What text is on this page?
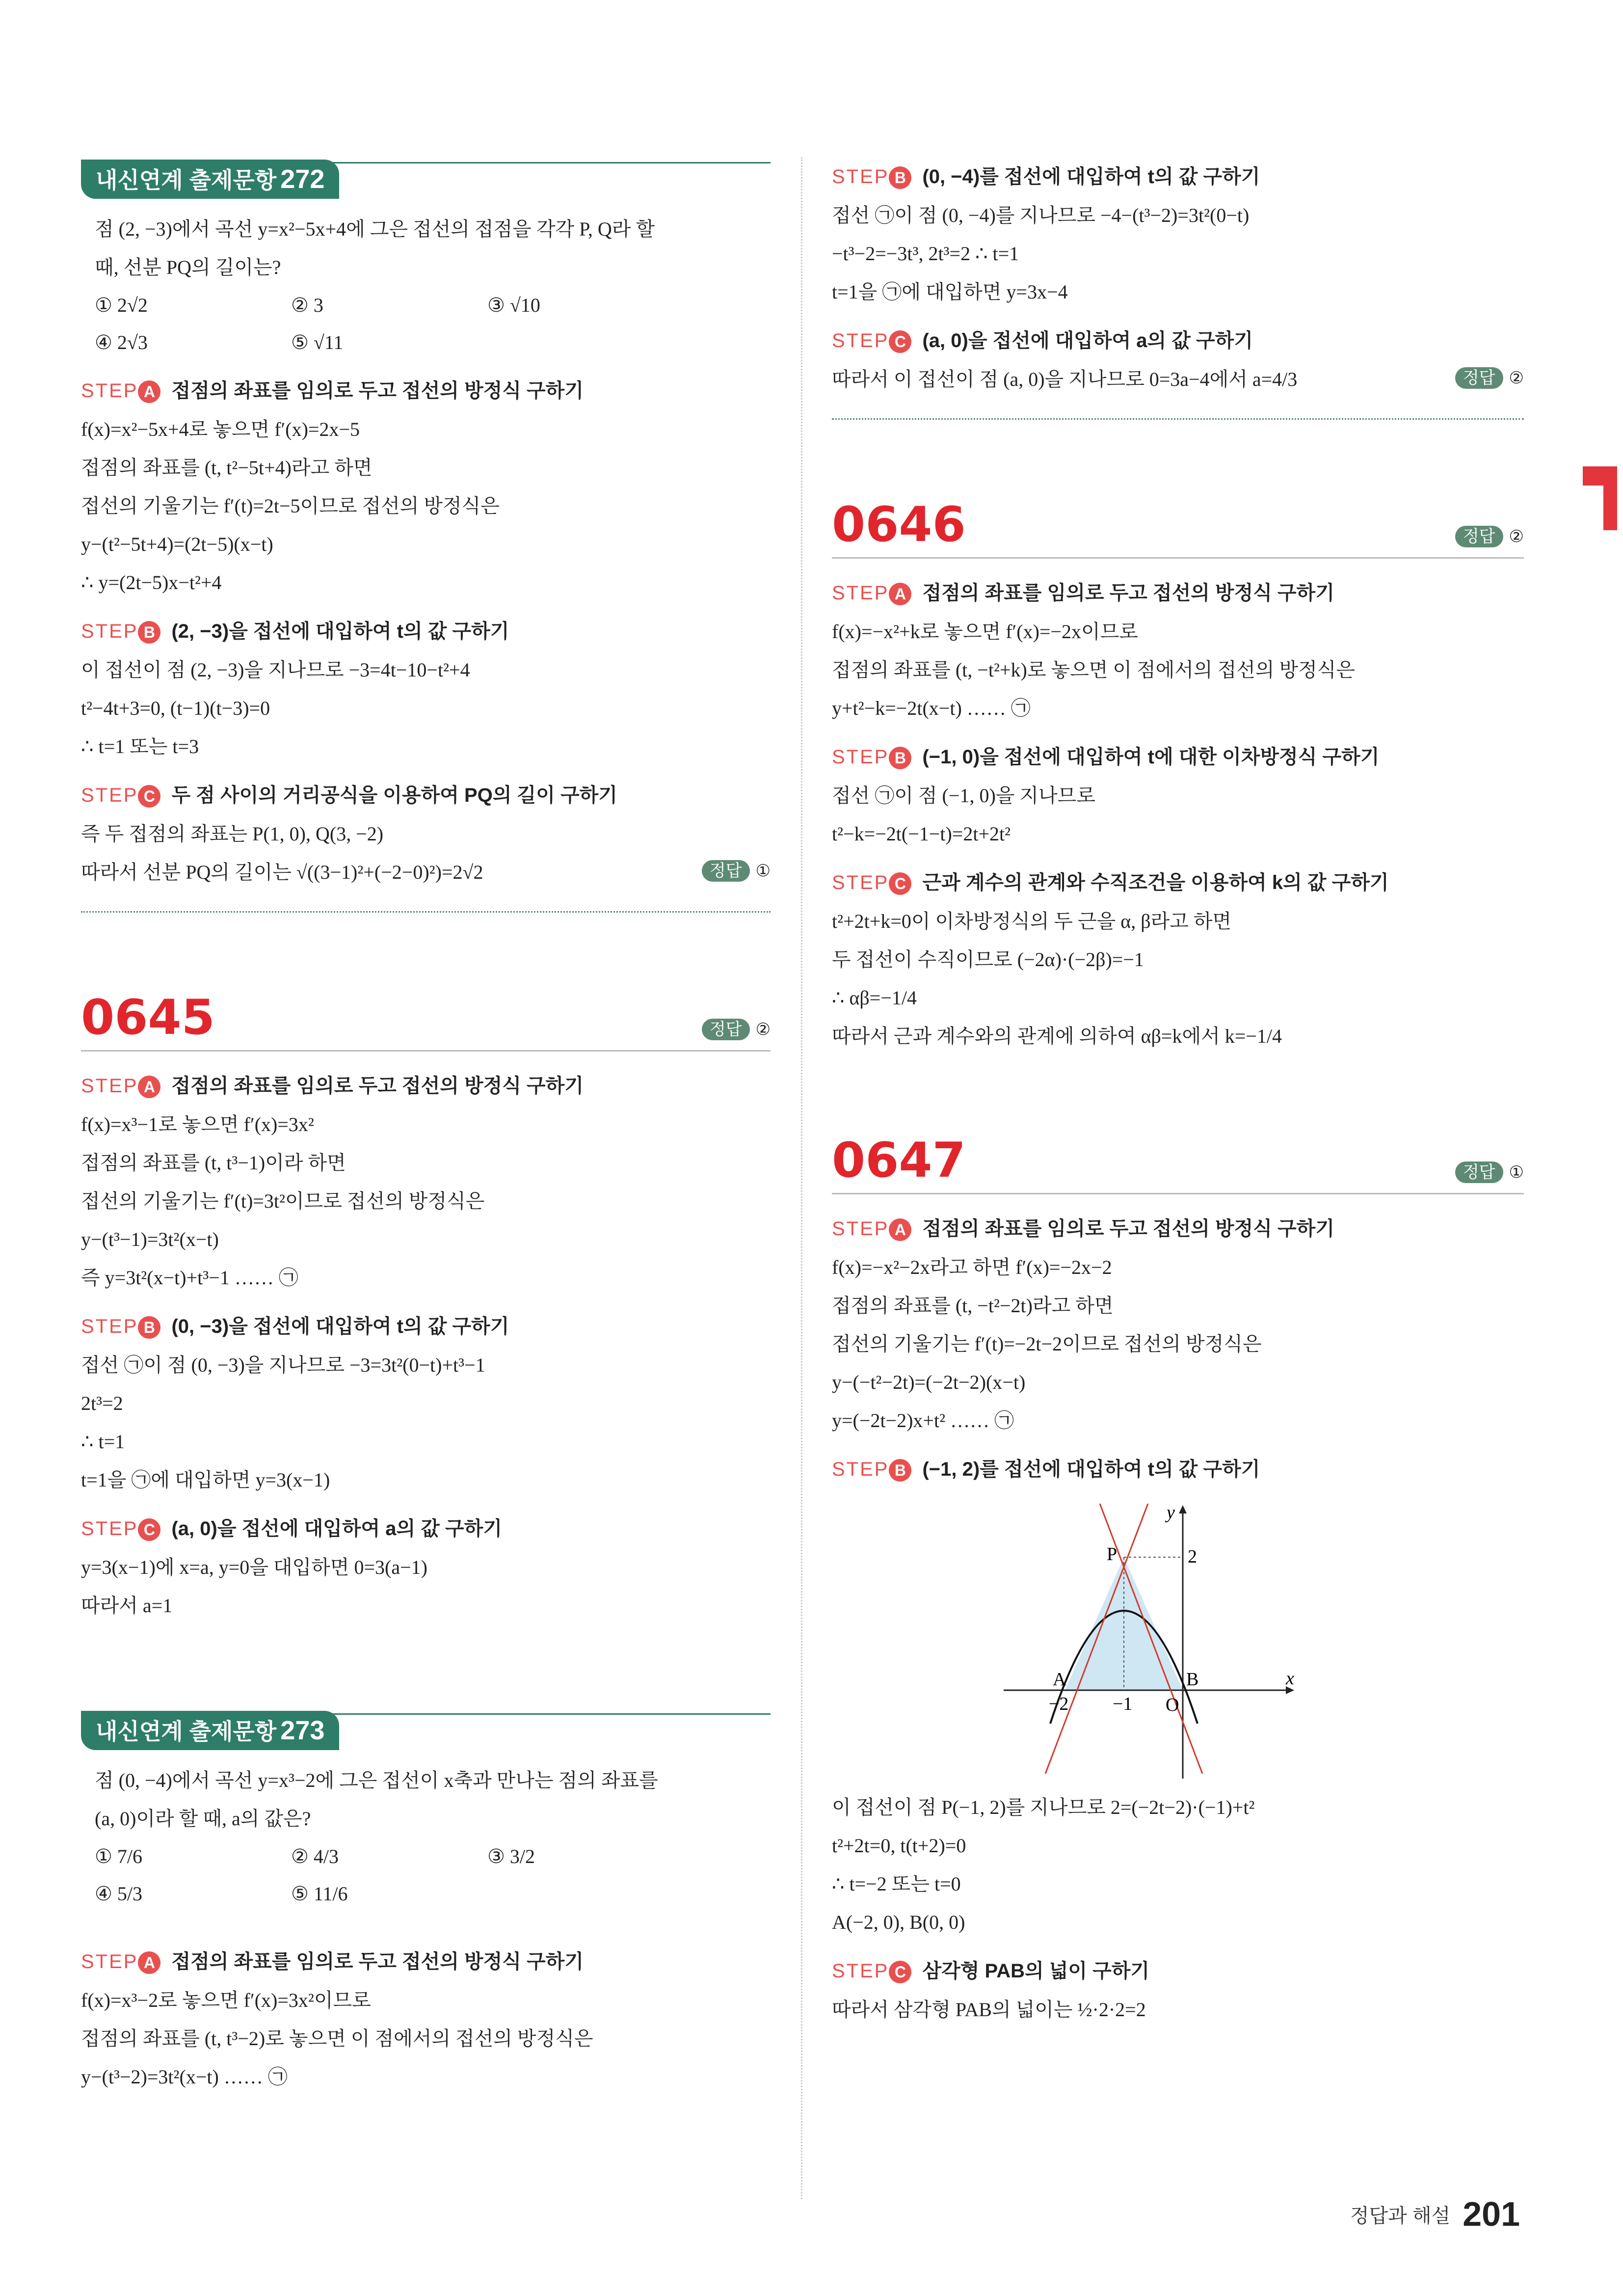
내신연계 출제문항 272
점 (2, −3)에서 곡선 y=x²−5x+4에 그은 접선의 접점을 각각 P, Q라 할
때, 선분 PQ의 길이는?
① 2√2	② 3	③ √10
④ 2√3	⑤ √11
STEP A 접점의 좌표를 임의로 두고 접선의 방정식 구하기
f(x)=x²−5x+4로 놓으면 f′(x)=2x−5
접점의 좌표를 (t, t²−5t+4)라고 하면
접선의 기울기는 f′(t)=2t−5이므로 접선의 방정식은
y−(t²−5t+4)=(2t−5)(x−t)
∴ y=(2t−5)x−t²+4
STEP B (2, −3)을 접선에 대입하여 t의 값 구하기
이 접선이 점 (2, −3)을 지나므로 −3=4t−10−t²+4
t²−4t+3=0, (t−1)(t−3)=0
∴ t=1 또는 t=3
STEP C 두 점 사이의 거리공식을 이용하여 PQ의 길이 구하기
즉 두 접점의 좌표는 P(1, 0), Q(3, −2)
따라서 선분 PQ의 길이는 √((3−1)²+(−2−0)²)=2√2	정답 ①
0645	정답 ②
STEP A 접점의 좌표를 임의로 두고 접선의 방정식 구하기
f(x)=x³−1로 놓으면 f′(x)=3x²
접점의 좌표를 (t, t³−1)이라 하면
접선의 기울기는 f′(t)=3t²이므로 접선의 방정식은
y−(t³−1)=3t²(x−t)
즉 y=3t²(x−t)+t³−1 …… ㉠
STEP B (0, −3)을 접선에 대입하여 t의 값 구하기
접선 ㉠이 점 (0, −3)을 지나므로 −3=3t²(0−t)+t³−1
2t³=2
∴ t=1
t=1을 ㉠에 대입하면 y=3(x−1)
STEP C (a, 0)을 접선에 대입하여 a의 값 구하기
y=3(x−1)에 x=a, y=0을 대입하면 0=3(a−1)
따라서 a=1
내신연계 출제문항 273
점 (0, −4)에서 곡선 y=x³−2에 그은 접선이 x축과 만나는 점의 좌표를
(a, 0)이라 할 때, a의 값은?
① 7/6	② 4/3	③ 3/2
④ 5/3	⑤ 11/6
STEP A 접점의 좌표를 임의로 두고 접선의 방정식 구하기
f(x)=x³−2로 놓으면 f′(x)=3x²이므로
접점의 좌표를 (t, t³−2)로 놓으면 이 점에서의 접선의 방정식은
y−(t³−2)=3t²(x−t) …… ㉠
STEP B (0, −4)를 접선에 대입하여 t의 값 구하기
접선 ㉠이 점 (0, −4)를 지나므로 −4−(t³−2)=3t²(0−t)
−t³−2=−3t³, 2t³=2 ∴ t=1
t=1을 ㉠에 대입하면 y=3x−4
STEP C (a, 0)을 접선에 대입하여 a의 값 구하기
따라서 이 접선이 점 (a, 0)을 지나므로 0=3a−4에서 a=4/3	정답 ②
0646	정답 ②
STEP A 접점의 좌표를 임의로 두고 접선의 방정식 구하기
f(x)=−x²+k로 놓으면 f′(x)=−2x이므로
접점의 좌표를 (t, −t²+k)로 놓으면 이 점에서의 접선의 방정식은
y+t²−k=−2t(x−t) …… ㉠
STEP B (−1, 0)을 접선에 대입하여 t에 대한 이차방정식 구하기
접선 ㉠이 점 (−1, 0)을 지나므로
t²−k=−2t(−1−t)=2t+2t²
STEP C 근과 계수의 관계와 수직조건을 이용하여 k의 값 구하기
t²+2t+k=0이 이차방정식의 두 근을 α, β라고 하면
두 접선이 수직이므로 (−2α)·(−2β)=−1
∴ αβ=−1/4
따라서 근과 계수와의 관계에 의하여 αβ=k에서 k=−1/4
0647	정답 ①
STEP A 접점의 좌표를 임의로 두고 접선의 방정식 구하기
f(x)=−x²−2x라고 하면 f′(x)=−2x−2
접점의 좌표를 (t, −t²−2t)라고 하면
접선의 기울기는 f′(t)=−2t−2이므로 접선의 방정식은
y−(−t²−2t)=(−2t−2)(x−t)
y=(−2t−2)x+t² …… ㉠
STEP B (−1, 2)를 접선에 대입하여 t의 값 구하기
y
x
P	2
A	B
−2 −1 O
이 접선이 점 P(−1, 2)를 지나므로 2=(−2t−2)·(−1)+t²
t²+2t=0, t(t+2)=0
∴ t=−2 또는 t=0
A(−2, 0), B(0, 0)
STEP C 삼각형 PAB의 넓이 구하기
따라서 삼각형 PAB의 넓이는 ½·2·2=2
정답과 해설 201
